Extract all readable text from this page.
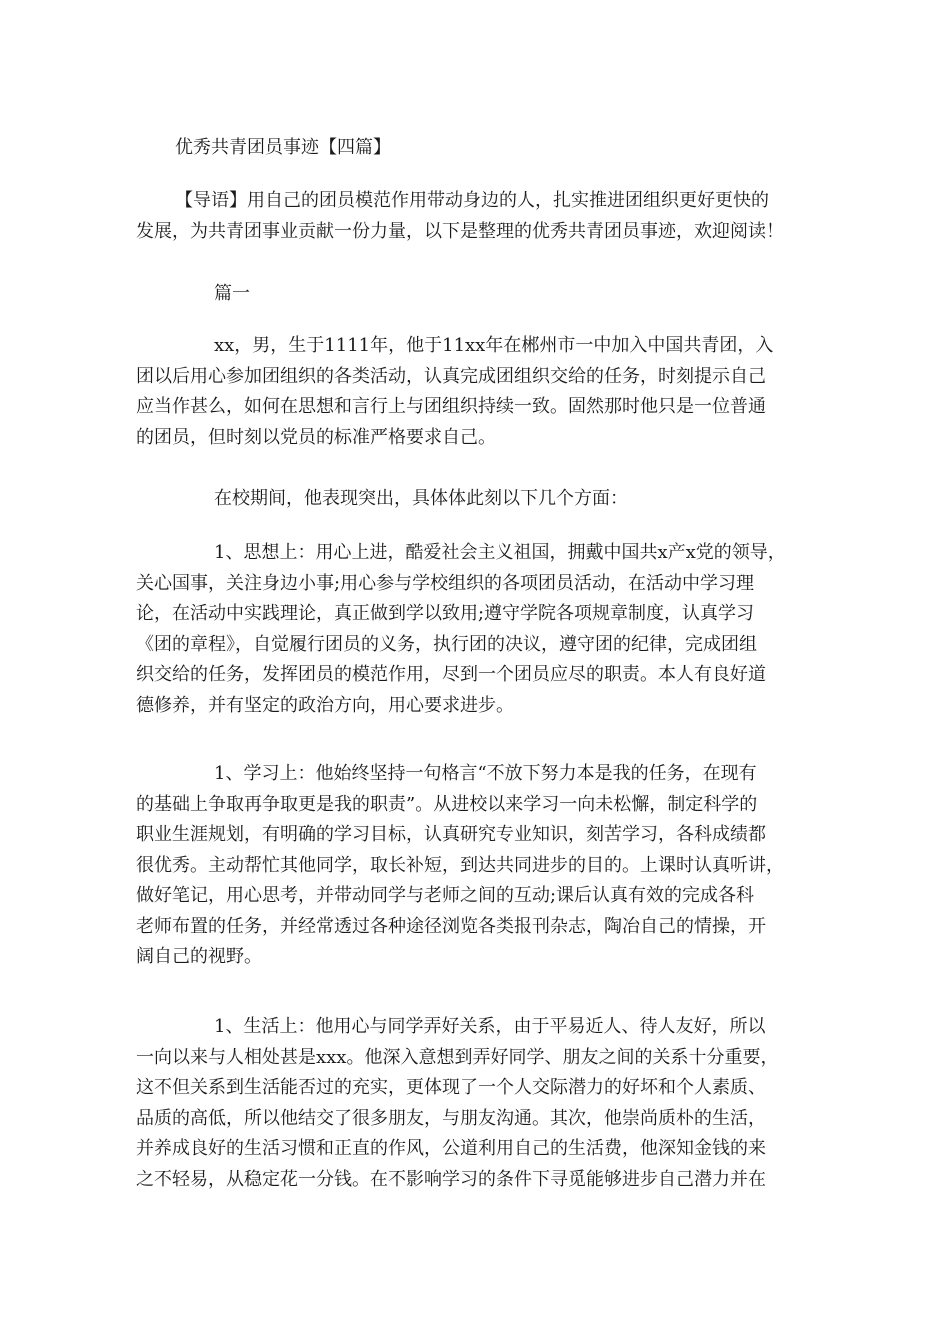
优秀共青团员事迹【四篇】
【导语】用自己的团员模范作用带动身边的人，扎实推进团组织更好更快的
发展，为共青团事业贡献一份力量，以下是整理的优秀共青团员事迹，欢迎阅读！
篇一
xx，男，生于1111年，他于11xx年在郴州市一中加入中国共青团，入
团以后用心参加团组织的各类活动，认真完成团组织交给的任务，时刻提示自己
应当作甚么，如何在思想和言行上与团组织持续一致。固然那时他只是一位普通
的团员，但时刻以党员的标准严格要求自己。
在校期间，他表现突出，具体体此刻以下几个方面：
1、思想上：用心上进，酷爱社会主义祖国，拥戴中国共x产x党的领导，
关心国事，关注身边小事;用心参与学校组织的各项团员活动，在活动中学习理
论，在活动中实践理论，真正做到学以致用;遵守学院各项规章制度，认真学习
《团的章程》，自觉履行团员的义务，执行团的决议，遵守团的纪律，完成团组
织交给的任务，发挥团员的模范作用，尽到一个团员应尽的职责。本人有良好道
德修养，并有坚定的政治方向，用心要求进步。
1、学习上：他始终坚持一句格言“不放下努力本是我的任务，在现有
的基础上争取再争取更是我的职责”。从进校以来学习一向未松懈，制定科学的
职业生涯规划，有明确的学习目标，认真研究专业知识，刻苦学习，各科成绩都
很优秀。主动帮忙其他同学，取长补短，到达共同进步的目的。上课时认真听讲，
做好笔记，用心思考，并带动同学与老师之间的互动;课后认真有效的完成各科
老师布置的任务，并经常透过各种途径浏览各类报刊杂志，陶冶自己的情操，开
阔自己的视野。
1、生活上：他用心与同学弄好关系，由于平易近人、待人友好，所以
一向以来与人相处甚是xxx。他深入意想到弄好同学、朋友之间的关系十分重要，
这不但关系到生活能否过的充实，更体现了一个人交际潜力的好坏和个人素质、
品质的高低，所以他结交了很多朋友，与朋友沟通。其次，他崇尚质朴的生活，
并养成良好的生活习惯和正直的作风，公道利用自己的生活费，他深知金钱的来
之不轻易，从稳定花一分钱。在不影响学习的条件下寻觅能够进步自己潜力并在
